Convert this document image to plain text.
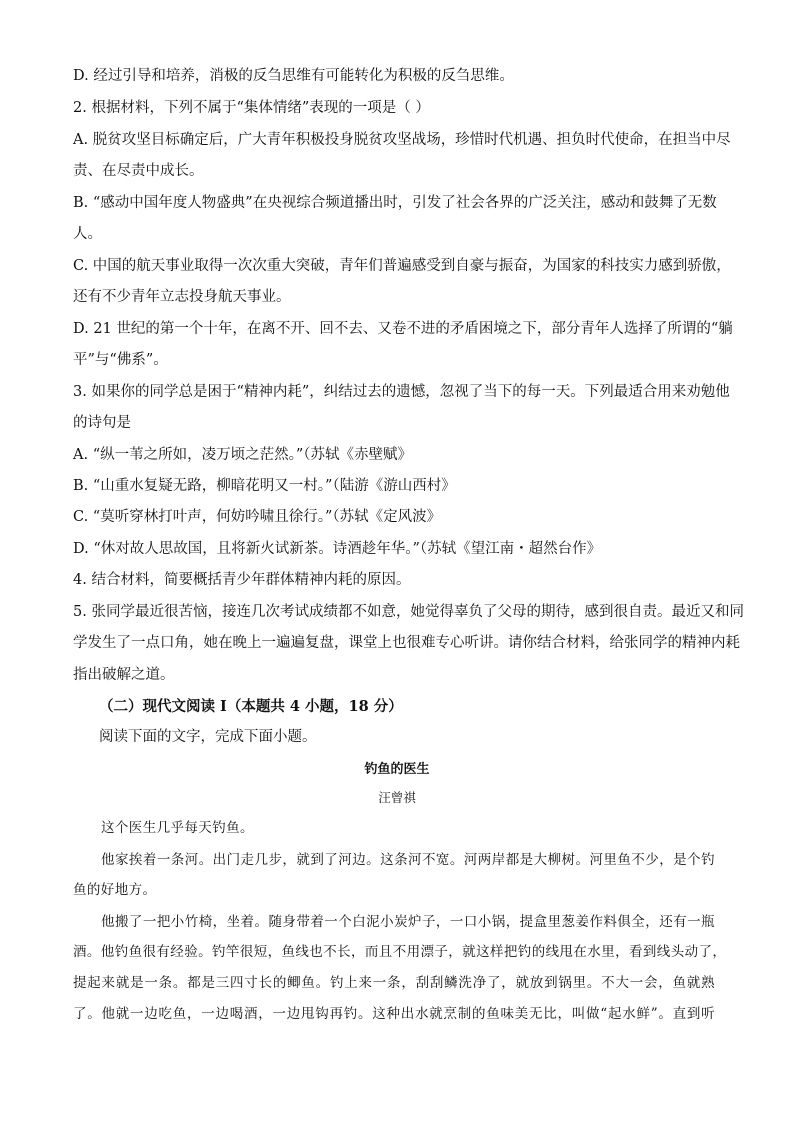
D. 经过引导和培养，消极的反刍思维有可能转化为积极的反刍思维。
2. 根据材料，下列不属于“集体情绪”表现的一项是（ ）
A. 脱贫攻坚目标确定后，广大青年积极投身脱贫攻坚战场，珍惜时代机遇、担负时代使命，在担当中尽
责、在尽责中成长。
B. “感动中国年度人物盛典”在央视综合频道播出时，引发了社会各界的广泛关注，感动和鼓舞了无数
人。
C. 中国的航天事业取得一次次重大突破，青年们普遍感受到自豪与振奋，为国家的科技实力感到骄傲，
还有不少青年立志投身航天事业。
D. 21 世纪的第一个十年，在离不开、回不去、又卷不进的矛盾困境之下，部分青年人选择了所谓的“躺
平”与“佛系”。
3. 如果你的同学总是困于“精神内耗”，纠结过去的遗憾，忽视了当下的每一天。下列最适合用来劝勉他
的诗句是
A. “纵一苇之所如，凌万顷之茫然。”（苏轼《赤壁赋》
B. “山重水复疑无路，柳暗花明又一村。”（陆游《游山西村》
C. “莫听穿林打叶声，何妨吟啸且徐行。”（苏轼《定风波》
D. “休对故人思故国，且将新火试新茶。诗酒趁年华。”（苏轼《望江南・超然台作》
4. 结合材料，简要概括青少年群体精神内耗的原因。
5. 张同学最近很苦恼，接连几次考试成绩都不如意，她觉得辜负了父母的期待，感到很自责。最近又和同
学发生了一点口角，她在晚上一遍遍复盘，课堂上也很难专心听讲。请你结合材料，给张同学的精神内耗
指出破解之道。
（二）现代文阅读 I（本题共 4 小题，18 分）
阅读下面的文字，完成下面小题。
钓鱼的医生
汪曾祺
这个医生几乎每天钓鱼。
他家挨着一条河。出门走几步，就到了河边。这条河不宽。河两岸都是大柳树。河里鱼不少，是个钓
鱼的好地方。
他搬了一把小竹椅，坐着。随身带着一个白泥小炭炉子，一口小锅，提盒里葱姜作料俱全，还有一瓶
酒。他钓鱼很有经验。钓竿很短，鱼线也不长，而且不用漂子，就这样把钓的线甩在水里，看到线头动了，
提起来就是一条。都是三四寸长的鲫鱼。钓上来一条，刮刮鳞洗净了，就放到锅里。不大一会，鱼就熟
了。他就一边吃鱼，一边喝酒，一边甩钩再钓。这种出水就烹制的鱼味美无比，叫做“起水鲜”。直到听
